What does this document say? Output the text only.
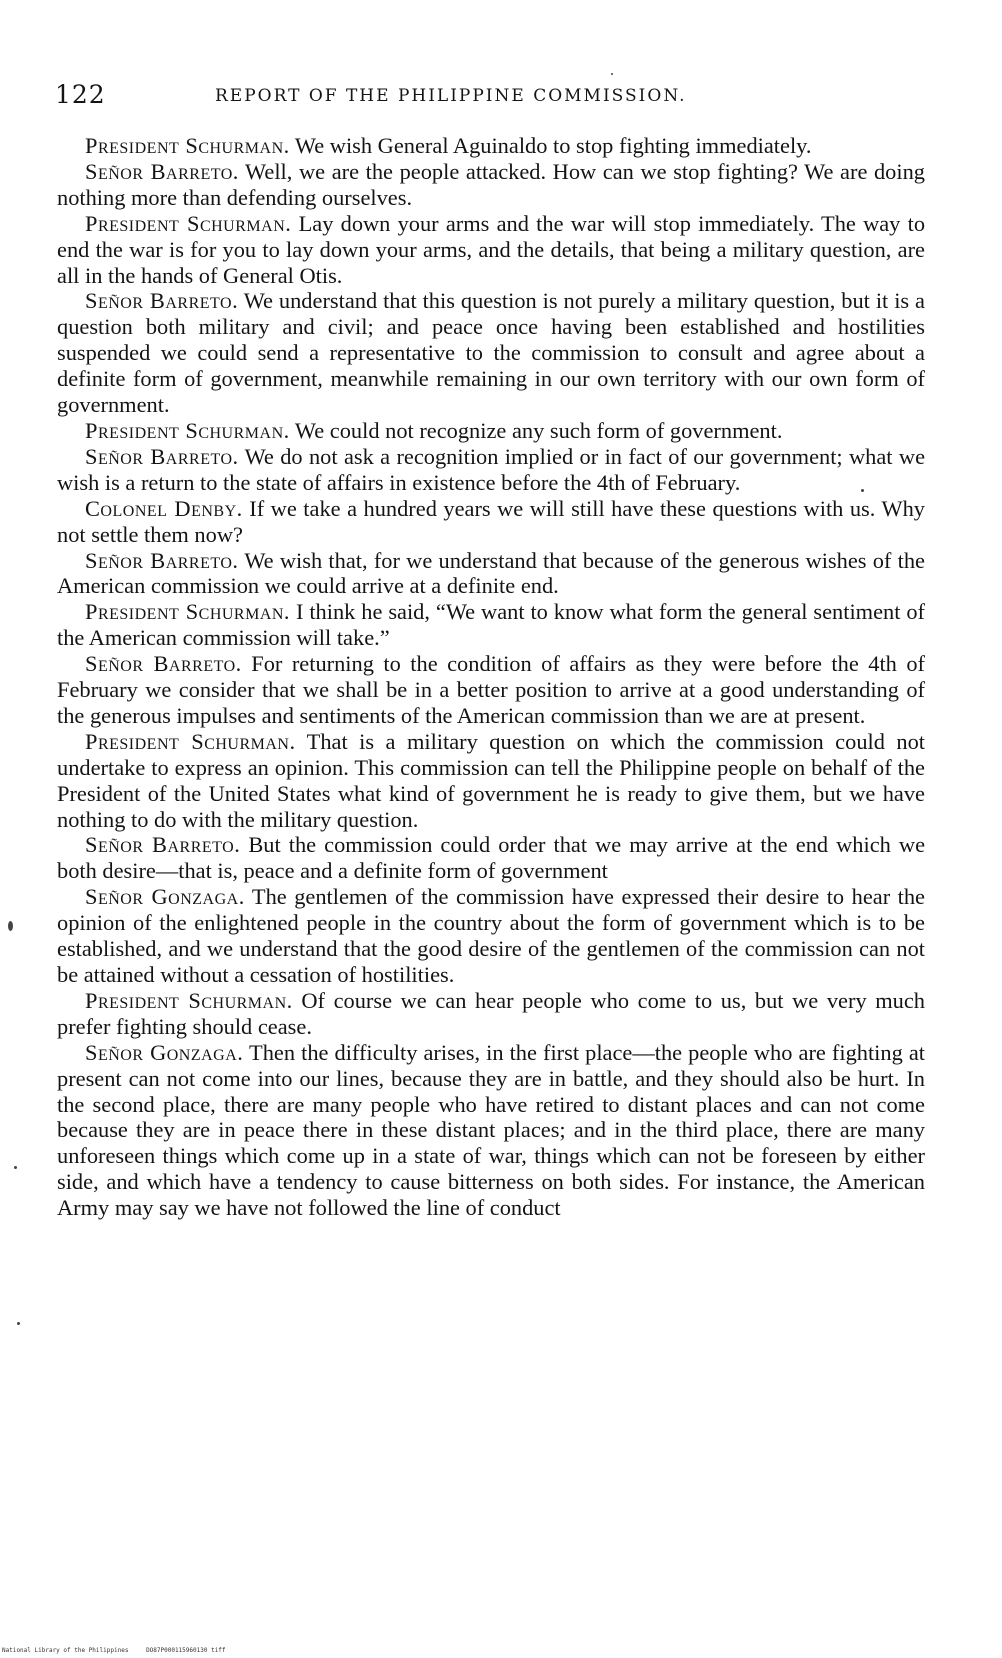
122	REPORT OF THE PHILIPPINE COMMISSION.

President Schurman. We wish General Aguinaldo to stop fighting immediately.

Señor Barreto. Well, we are the people attacked. How can we stop fighting? We are doing nothing more than defending ourselves.

President Schurman. Lay down your arms and the war will stop immediately. The way to end the war is for you to lay down your arms, and the details, that being a military question, are all in the hands of General Otis.

Señor Barreto. We understand that this question is not purely a military question, but it is a question both military and civil; and peace once having been established and hostilities suspended we could send a representative to the commission to consult and agree about a definite form of government, meanwhile remaining in our own territory with our own form of government.

President Schurman. We could not recognize any such form of government.

Señor Barreto. We do not ask a recognition implied or in fact of our government; what we wish is a return to the state of affairs in existence before the 4th of February.

Colonel Denby. If we take a hundred years we will still have these questions with us. Why not settle them now?

Señor Barreto. We wish that, for we understand that because of the generous wishes of the American commission we could arrive at a definite end.

President Schurman. I think he said, “We want to know what form the general sentiment of the American commission will take.”

Señor Barreto. For returning to the condition of affairs as they were before the 4th of February we consider that we shall be in a better position to arrive at a good understanding of the generous impulses and sentiments of the American commission than we are at present.

President Schurman. That is a military question on which the commission could not undertake to express an opinion. This commission can tell the Philippine people on behalf of the President of the United States what kind of government he is ready to give them, but we have nothing to do with the military question.

Señor Barreto. But the commission could order that we may arrive at the end which we both desire—that is, peace and a definite form of government

Señor Gonzaga. The gentlemen of the commission have expressed their desire to hear the opinion of the enlightened people in the country about the form of government which is to be established, and we understand that the good desire of the gentlemen of the commission can not be attained without a cessation of hostilities.

President Schurman. Of course we can hear people who come to us, but we very much prefer fighting should cease.

Señor Gonzaga. Then the difficulty arises, in the first place—the people who are fighting at present can not come into our lines, because they are in battle, and they should also be hurt. In the second place, there are many people who have retired to distant places and can not come because they are in peace there in these distant places; and in the third place, there are many unforeseen things which come up in a state of war, things which can not be foreseen by either side, and which have a tendency to cause bitterness on both sides. For instance, the American Army may say we have not followed the line of conduct

National Library of the Philippines	DO87P000115960130 tiff
